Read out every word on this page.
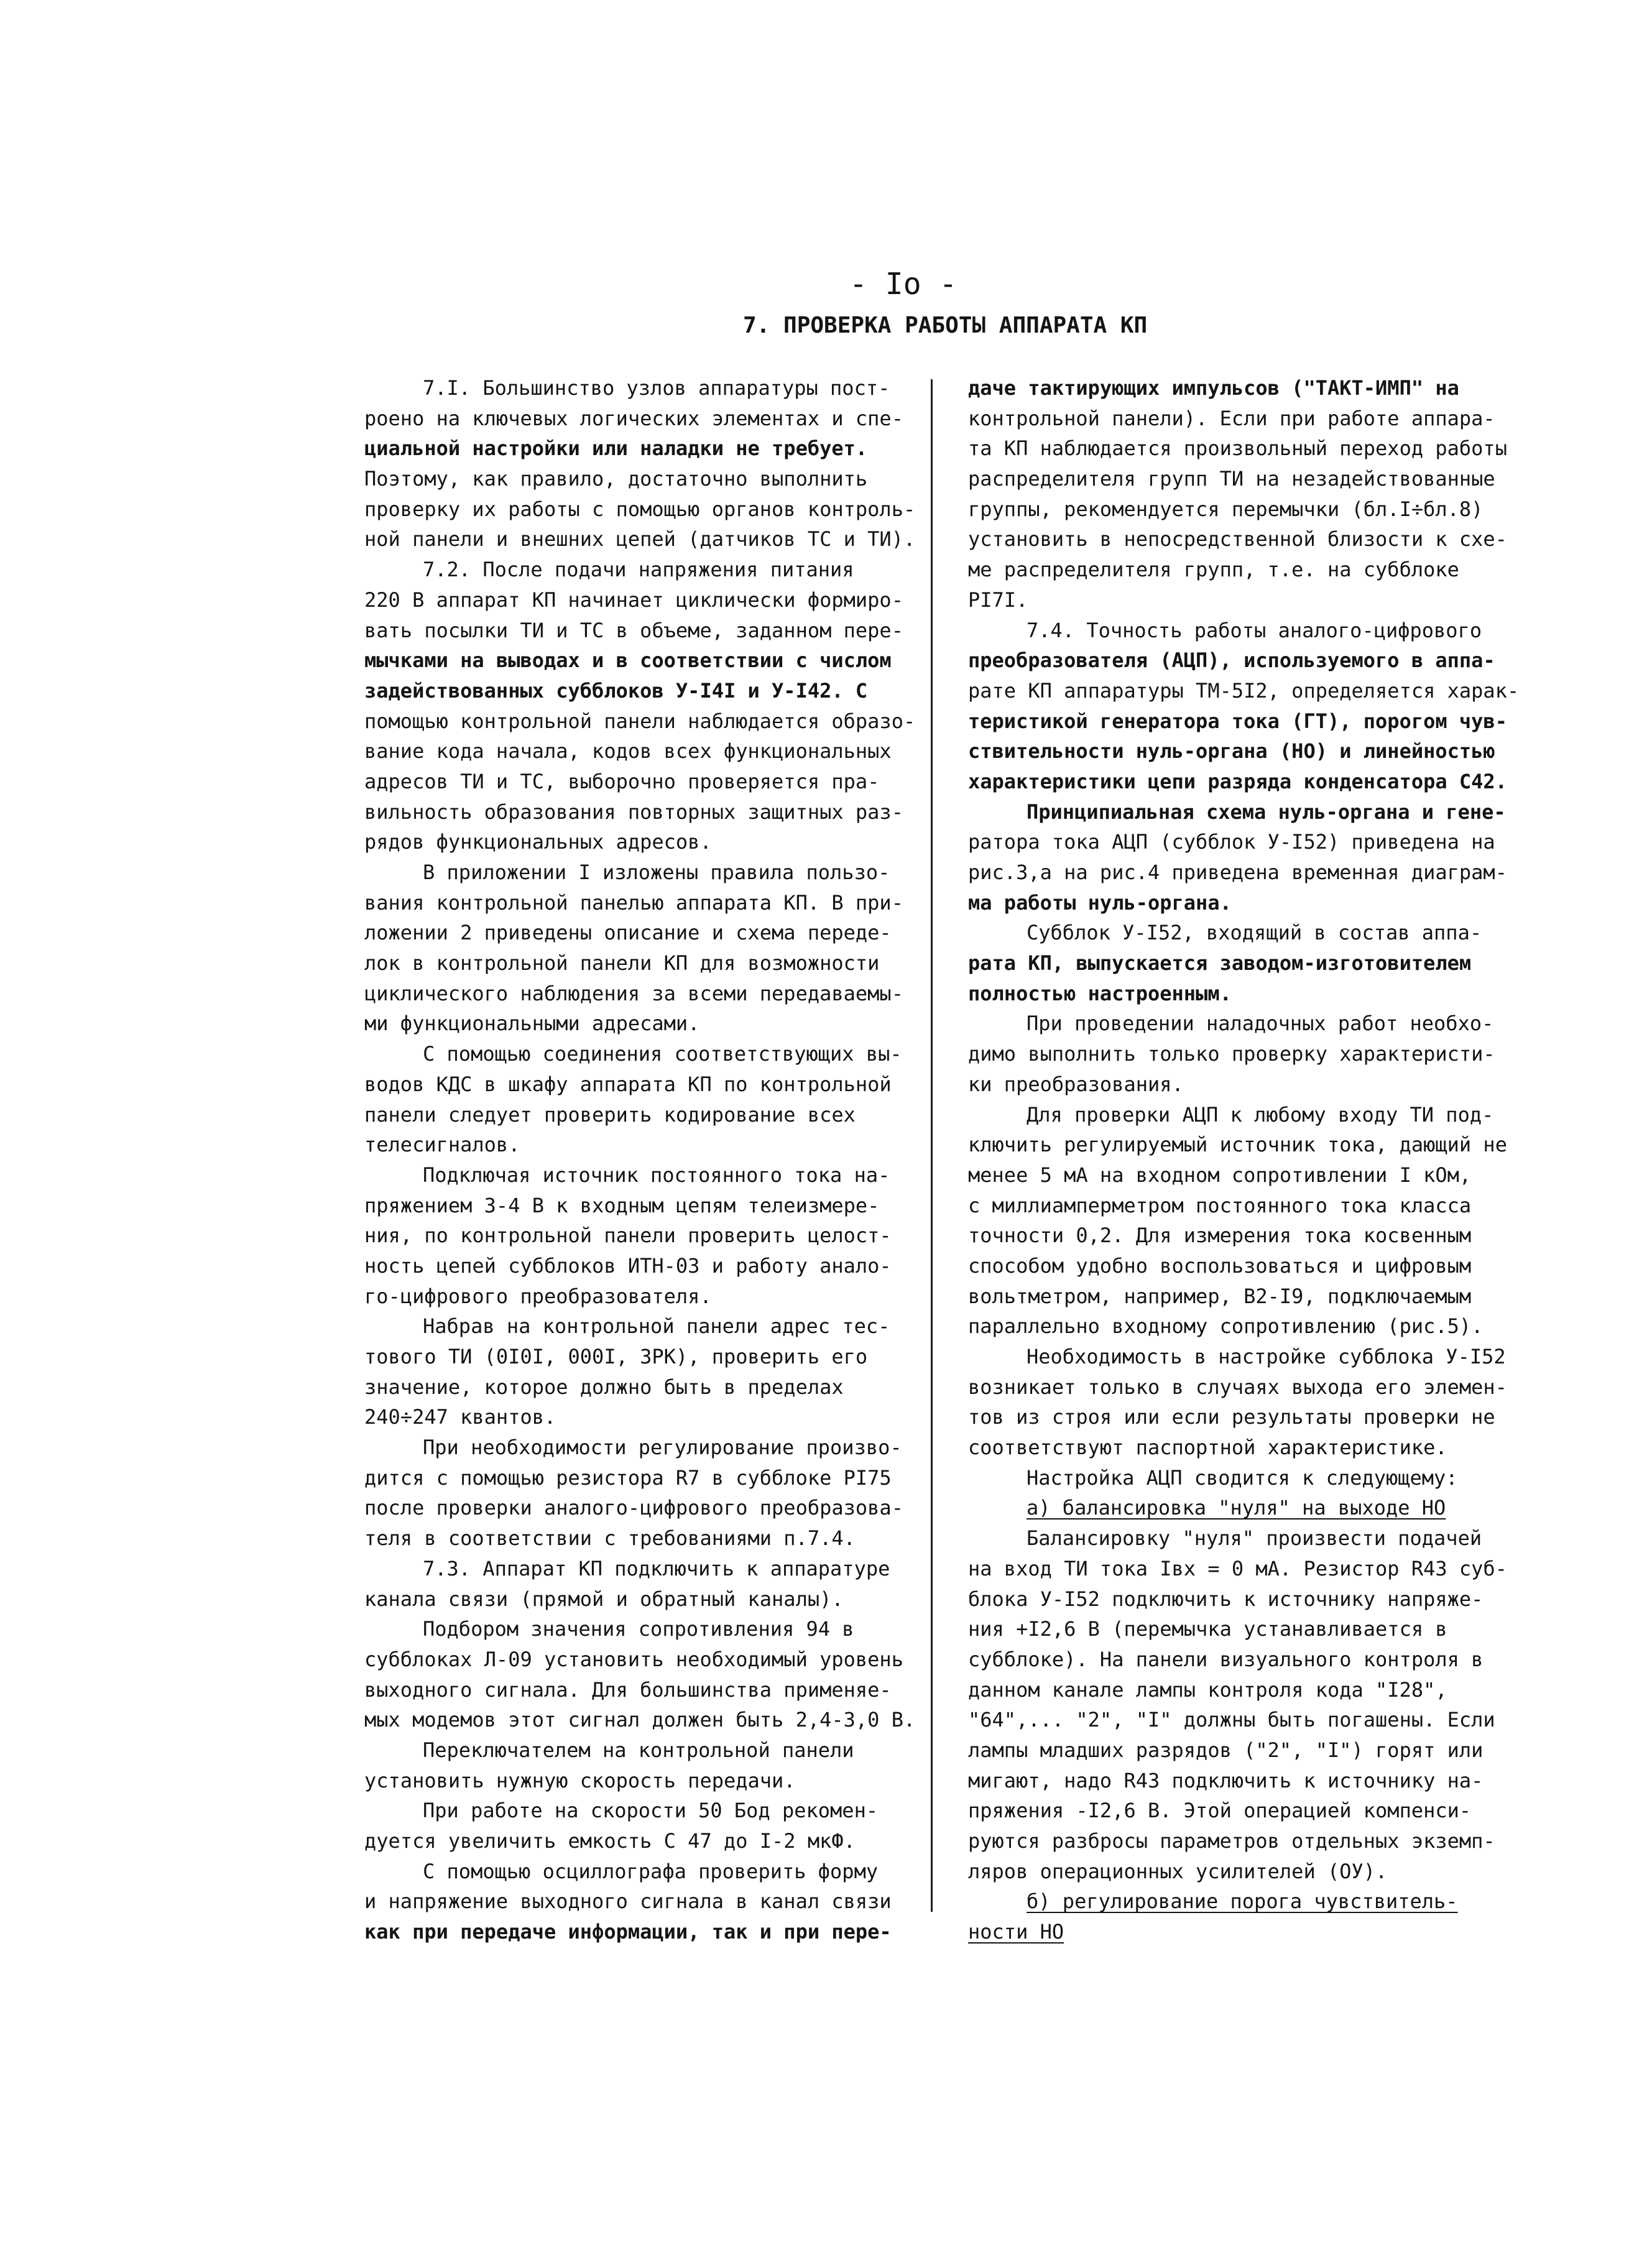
- Iо -
7. ПРОВЕРКА РАБОТЫ АППАРАТА КП
7.I. Большинство узлов аппаратуры пост-
роено на ключевых логических элементах и спе-
циальной настройки или наладки не требует.
Поэтому, как правило, достаточно выполнить
проверку их работы с помощью органов контроль-
ной панели и внешних цепей (датчиков ТС и ТИ).
7.2. После подачи напряжения питания
220 В аппарат КП начинает циклически формиро-
вать посылки ТИ и ТС в объеме, заданном пере-
мычками на выводах и в соответствии с числом
задействованных субблоков У-I4I и У-I42. С
помощью контрольной панели наблюдается образо-
вание кода начала, кодов всех функциональных
адресов ТИ и ТС, выборочно проверяется пра-
вильность образования повторных защитных раз-
рядов функциональных адресов.
В приложении I изложены правила пользо-
вания контрольной панелью аппарата КП. В при-
ложении 2 приведены описание и схема переде-
лок в контрольной панели КП для возможности
циклического наблюдения за всеми передаваемы-
ми функциональными адресами.
С помощью соединения соответствующих вы-
водов КДС в шкафу аппарата КП по контрольной
панели следует проверить кодирование всех
телесигналов.
Подключая источник постоянного тока на-
пряжением 3-4 В к входным цепям телеизмере-
ния, по контрольной панели проверить целост-
ность цепей субблоков ИТН-03 и работу анало-
го-цифрового преобразователя.
Набрав на контрольной панели адрес тес-
тового ТИ (0I0I, 000I, ЗРК), проверить его
значение, которое должно быть в пределах
240÷247 квантов.
При необходимости регулирование произво-
дится с помощью резистора R7 в субблоке РI75
после проверки аналого-цифрового преобразова-
теля в соответствии с требованиями п.7.4.
7.3. Аппарат КП подключить к аппаратуре
канала связи (прямой и обратный каналы).
Подбором значения сопротивления 94 в
субблоках Л-09 установить необходимый уровень
выходного сигнала. Для большинства применяе-
мых модемов этот сигнал должен быть 2,4-3,0 В.
Переключателем на контрольной панели
установить нужную скорость передачи.
При работе на скорости 50 Бод рекомен-
дуется увеличить емкость С 47 до I-2 мкФ.
С помощью осциллографа проверить форму
и напряжение выходного сигнала в канал связи
как при передаче информации, так и при пере-
даче тактирующих импульсов ("ТАКТ-ИМП" на
контрольной панели). Если при работе аппара-
та КП наблюдается произвольный переход работы
распределителя групп ТИ на незадействованные
группы, рекомендуется перемычки (бл.I÷бл.8)
установить в непосредственной близости к схе-
ме распределителя групп, т.е. на субблоке
РI7I.
7.4. Точность работы аналого-цифрового
преобразователя (АЦП), используемого в аппа-
рате КП аппаратуры ТМ-5I2, определяется харак-
теристикой генератора тока (ГТ), порогом чув-
ствительности нуль-органа (НО) и линейностью
характеристики цепи разряда конденсатора С42.
Принципиальная схема нуль-органа и гене-
ратора тока АЦП (субблок У-I52) приведена на
рис.3,а на рис.4 приведена временная диаграм-
ма работы нуль-органа.
Субблок У-I52, входящий в состав аппа-
рата КП, выпускается заводом-изготовителем
полностью настроенным.
При проведении наладочных работ необхо-
димо выполнить только проверку характеристи-
ки преобразования.
Для проверки АЦП к любому входу ТИ под-
ключить регулируемый источник тока, дающий не
менее 5 мА на входном сопротивлении I кОм,
с миллиамперметром постоянного тока класса
точности 0,2. Для измерения тока косвенным
способом удобно воспользоваться и цифровым
вольтметром, например, В2-I9, подключаемым
параллельно входному сопротивлению (рис.5).
Необходимость в настройке субблока У-I52
возникает только в случаях выхода его элемен-
тов из строя или если результаты проверки не
соответствуют паспортной характеристике.
Настройка АЦП сводится к следующему:
а) балансировка "нуля" на выходе НО
Балансировку "нуля" произвести подачей
на вход ТИ тока Iвх = 0 мА. Резистор R43 суб-
блока У-I52 подключить к источнику напряже-
ния +I2,6 В (перемычка устанавливается в
субблоке). На панели визуального контроля в
данном канале лампы контроля кода "I28",
"64",... "2", "I" должны быть погашены. Если
лампы младших разрядов ("2", "I") горят или
мигают, надо R43 подключить к источнику на-
пряжения -I2,6 В. Этой операцией компенси-
руются разбросы параметров отдельных экземп-
ляров операционных усилителей (ОУ).
б) регулирование порога чувствитель-
ности НО
